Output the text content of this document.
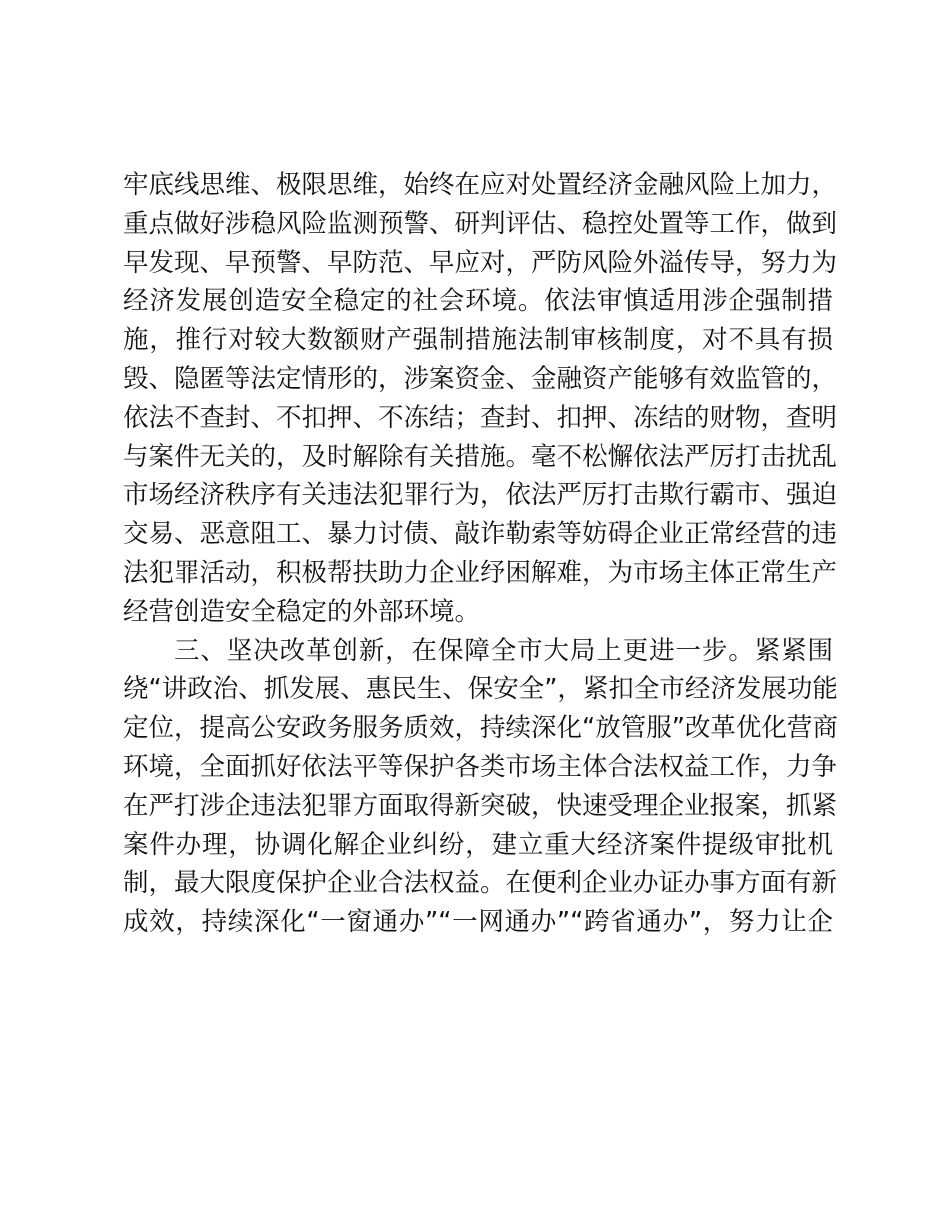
牢底线思维、极限思维，始终在应对处置经济金融风险上加力，
重点做好涉稳风险监测预警、研判评估、稳控处置等工作，做到
早发现、早预警、早防范、早应对，严防风险外溢传导，努力为
经济发展创造安全稳定的社会环境。依法审慎适用涉企强制措
施，推行对较大数额财产强制措施法制审核制度，对不具有损
毁、隐匿等法定情形的，涉案资金、金融资产能够有效监管的，
依法不查封、不扣押、不冻结；查封、扣押、冻结的财物，查明
与案件无关的，及时解除有关措施。毫不松懈依法严厉打击扰乱
市场经济秩序有关违法犯罪行为，依法严厉打击欺行霸市、强迫
交易、恶意阻工、暴力讨债、敲诈勒索等妨碍企业正常经营的违
法犯罪活动，积极帮扶助力企业纾困解难，为市场主体正常生产
经营创造安全稳定的外部环境。
三、坚决改革创新，在保障全市大局上更进一步。紧紧围
绕“讲政治、抓发展、惠民生、保安全”，紧扣全市经济发展功能
定位，提高公安政务服务质效，持续深化“放管服”改革优化营商
环境，全面抓好依法平等保护各类市场主体合法权益工作，力争
在严打涉企违法犯罪方面取得新突破，快速受理企业报案，抓紧
案件办理，协调化解企业纠纷，建立重大经济案件提级审批机
制，最大限度保护企业合法权益。在便利企业办证办事方面有新
成效，持续深化“一窗通办”“一网通办”“跨省通办”，努力让企
